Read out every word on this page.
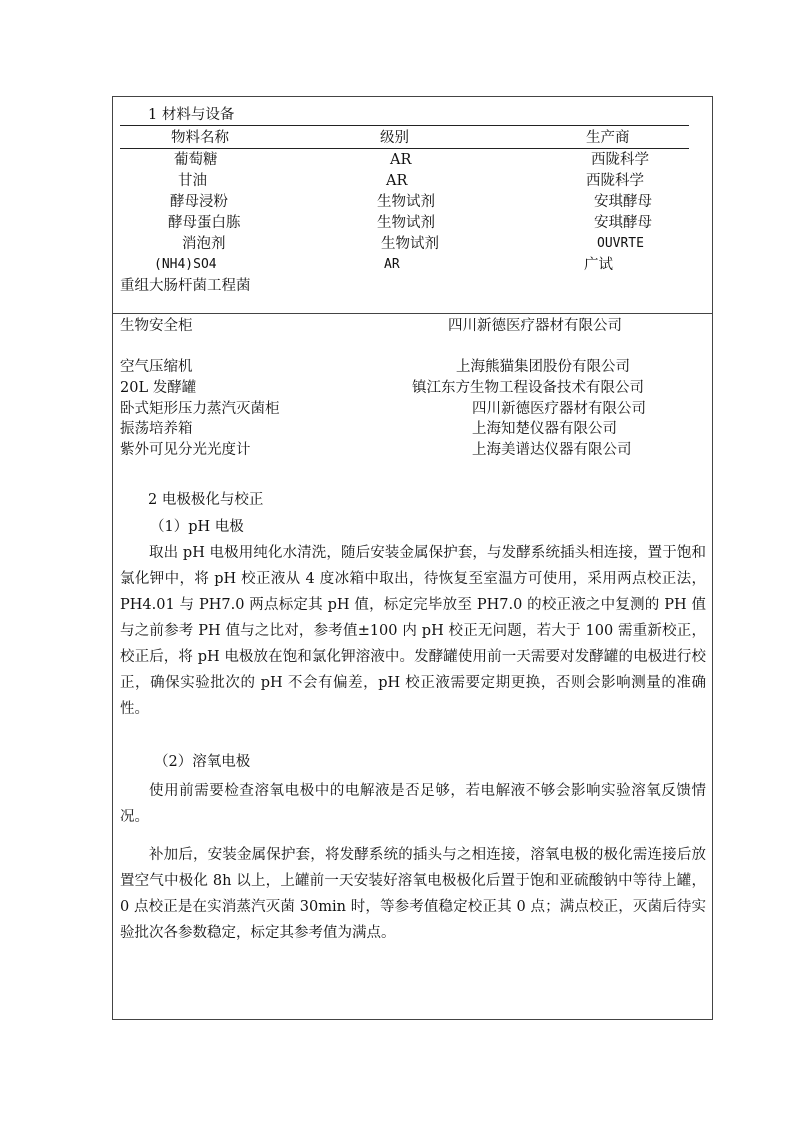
1 材料与设备
物料名称	级别	生产商
葡萄糖	AR	西陇科学
甘油	AR	西陇科学
酵母浸粉	生物试剂	安琪酵母
酵母蛋白胨	生物试剂	安琪酵母
消泡剂	生物试剂	OUVRTE
(NH4)SO4	AR	广试
重组大肠杆菌工程菌
生物安全柜	四川新德医疗器材有限公司
空气压缩机	上海熊猫集团股份有限公司
20L 发酵罐	镇江东方生物工程设备技术有限公司
卧式矩形压力蒸汽灭菌柜	四川新德医疗器材有限公司
振荡培养箱	上海知楚仪器有限公司
紫外可见分光光度计	上海美谱达仪器有限公司
2 电极极化与校正
（1）pH 电极
取出 pH 电极用纯化水清洗，随后安装金属保护套，与发酵系统插头相连接，置于饱和氯化钾中，将 pH 校正液从 4 度冰箱中取出，待恢复至室温方可使用，采用两点校正法，PH4.01 与 PH7.0 两点标定其 pH 值，标定完毕放至 PH7.0 的校正液之中复测的 PH 值与之前参考 PH 值与之比对，参考值±100 内 pH 校正无问题，若大于 100 需重新校正，校正后，将 pH 电极放在饱和氯化钾溶液中。发酵罐使用前一天需要对发酵罐的电极进行校正，确保实验批次的 pH 不会有偏差，pH 校正液需要定期更换，否则会影响测量的准确性。
（2）溶氧电极
使用前需要检查溶氧电极中的电解液是否足够，若电解液不够会影响实验溶氧反馈情况。
补加后，安装金属保护套，将发酵系统的插头与之相连接，溶氧电极的极化需连接后放置空气中极化 8h 以上，上罐前一天安装好溶氧电极极化后置于饱和亚硫酸钠中等待上罐，0 点校正是在实消蒸汽灭菌 30min 时，等参考值稳定校正其 0 点；满点校正，灭菌后待实验批次各参数稳定，标定其参考值为满点。
